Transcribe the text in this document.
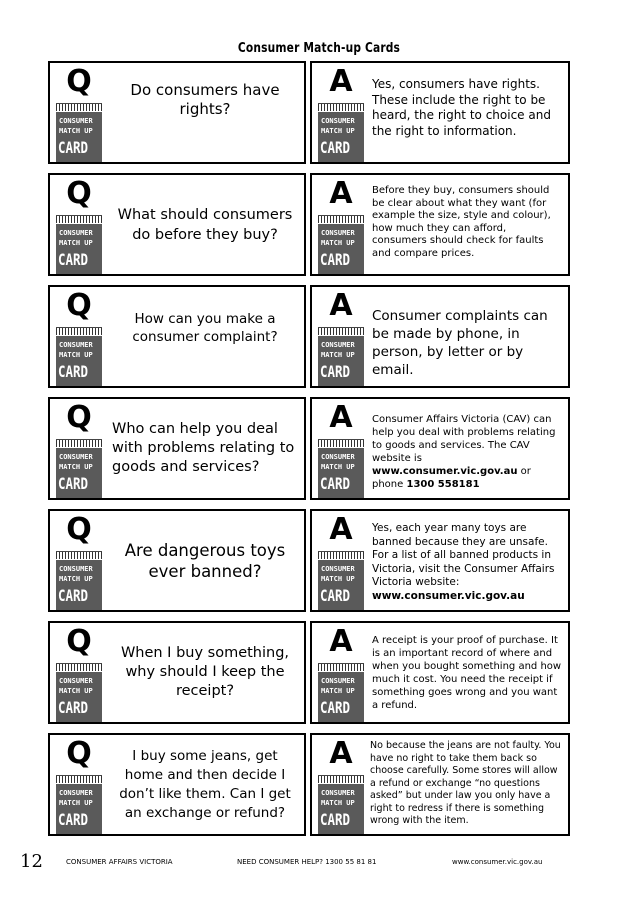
Consumer Match-up Cards
Q
CONSUMER
MATCH UP
CARD
Do consumers have rights?
A
CONSUMER
MATCH UP
CARD
Yes, consumers have rights. These include the right to be heard, the right to choice and the right to information.
Q
CONSUMER
MATCH UP
CARD
What should consumers do before they buy?
A
CONSUMER
MATCH UP
CARD
Before they buy, consumers should be clear about what they want (for example the size, style and colour), how much they can afford, consumers should check for faults and compare prices.
Q
CONSUMER
MATCH UP
CARD
How can you make a consumer complaint?
A
CONSUMER
MATCH UP
CARD
Consumer complaints can be made by phone, in person, by letter or by email.
Q
CONSUMER
MATCH UP
CARD
Who can help you deal with problems relating to goods and services?
A
CONSUMER
MATCH UP
CARD
Consumer Affairs Victoria (CAV) can help you deal with problems relating to goods and services. The CAV website is www.consumer.vic.gov.au or phone 1300 558181
Q
CONSUMER
MATCH UP
CARD
Are dangerous toys ever banned?
A
CONSUMER
MATCH UP
CARD
Yes, each year many toys are banned because they are unsafe. For a list of all banned products in Victoria, visit the Consumer Affairs Victoria website: www.consumer.vic.gov.au
Q
CONSUMER
MATCH UP
CARD
When I buy something, why should I keep the receipt?
A
CONSUMER
MATCH UP
CARD
A receipt is your proof of purchase. It is an important record of where and when you bought something and how much it cost. You need the receipt if something goes wrong and you want a refund.
Q
CONSUMER
MATCH UP
CARD
I buy some jeans, get home and then decide I don’t like them. Can I get an exchange or refund?
A
CONSUMER
MATCH UP
CARD
No because the jeans are not faulty. You have no right to take them back so choose carefully. Some stores will allow a refund or exchange “no questions asked” but under law you only have a right to redress if there is something wrong with the item.
12	CONSUMER AFFAIRS VICTORIA	NEED CONSUMER HELP? 1300 55 81 81	www.consumer.vic.gov.au
